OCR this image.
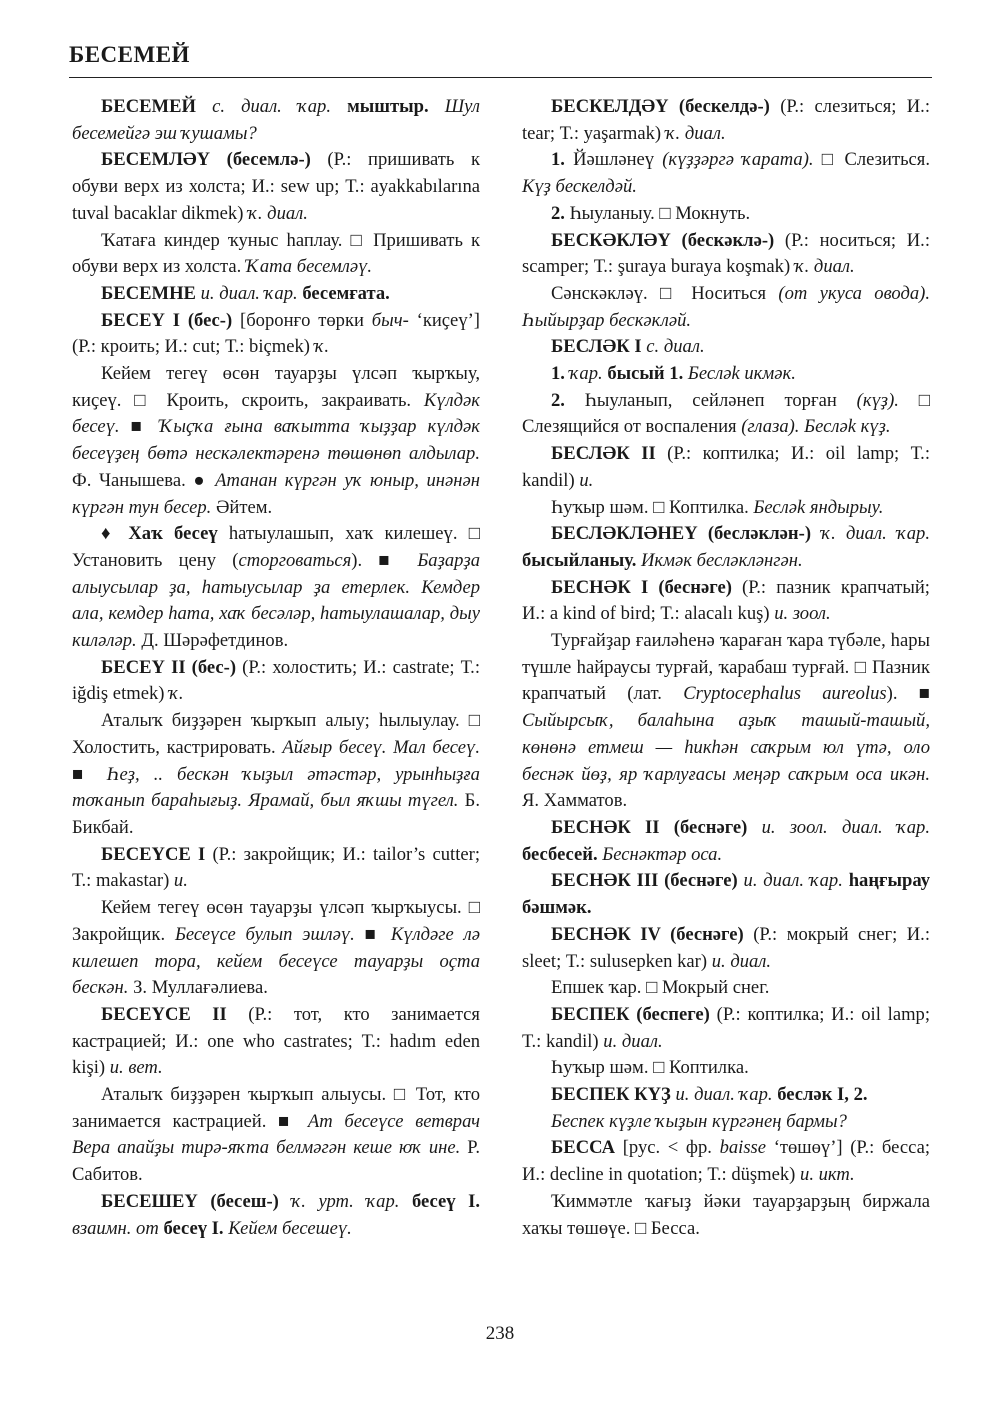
БЕСЕМЕЙ

БЕСЕМЕЙ с. диал. ҡар. мыштыр. Шул бесемейгә эш ҡушамы?

БЕСЕМЛӘҮ (бесемлә-) (Р.: пришивать к обуви верх из холста; И.: sew up; Т.: ayakkabılarına tuval bacaklar dikmek) ҡ. диал.

Ҡатаға киндер ҡуныс һаплау. □ Пришивать к обуви верх из холста. Ҡата бесемләү.

БЕСЕМНЕ и. диал. ҡар. бесемғата.

БЕСЕҮ I (бес-) [боронғо төрки быч- ‘киҫеү’] (Р.: кроить; И.: cut; Т.: biçmek) ҡ.

Кейем тегеү өсөн тауарҙы үлсәп ҡырҡыу, киҫеү. □ Кроить, скроить, закраивать. Күлдәк бесеү. ■ Ҡыҫҡа ғына ваҡытта ҡыҙҙар күлдәк бесеүҙең бөтә нескәлектәренә төшөнөп алдылар. Ф. Чанышева. ● Атанан күргән уҡ юныр, инәнән күргән тун бесер. Әйтем.

♦ Хаҡ бесеү һатыулашып, хаҡ килешеү. □ Установить цену (сторговаться). ■ Баҙарҙа алыусылар ҙа, һатыусылар ҙа етерлек. Кемдер ала, кемдер һата, хаҡ бесәләр, һатыулашалар, дыу киләләр. Д. Шәрәфетдинов.

БЕСЕҮ II (бес-) (Р.: холостить; И.: castrate; Т.: iğdiş etmek) ҡ.

Аталыҡ биҙҙәрен ҡырҡып алыу; һылыулау. □ Холостить, кастрировать. Айғыр бесеү. Мал бесеү. ■ Һеҙ, .. бескән ҡыҙыл әтәстәр, урынһыҙға тоҡанып бараһығыҙ. Ярамай, был яҡшы түгел. Б. Бикбай.

БЕСЕҮСЕ I (Р.: закройщик; И.: tailor’s cutter; Т.: makastar) и.

Кейем тегеү өсөн тауарҙы үлсәп ҡырҡыусы. □ Закройщик. Бесеүсе булып эшләү. ■ Күлдәге лә килешеп тора, кейем бесеүсе тауарҙы оҫта бескән. З. Муллағәлиева.

БЕСЕҮСЕ II (Р.: тот, кто занимается кастрацией; И.: one who castrates; Т.: hadım eden kişi) и. вет.

Аталыҡ биҙҙәрен ҡырҡып алыусы. □ Тот, кто занимается кастрацией. ■ Ат бесеүсе ветврач Вера апайҙы тирә-яҡта белмәгән кеше юҡ ине. Р. Сабитов.

БЕСЕШЕҮ (бесеш-) ҡ. урт. ҡар. бесеү I. взаимн. от бесеү I. Кейем бесешеү.

БЕСКЕЛДӘҮ (бескелдә-) (Р.: слезиться; И.: tear; Т.: yaşarmak) ҡ. диал.

1. Йәшләнеү (күҙҙәргә ҡарата). □ Слезиться. Күҙ бескелдәй.

2. Һыуланыу. □ Мокнуть.

БЕСКӘКЛӘҮ (бескәклә-) (Р.: носиться; И.: scamper; Т.: şuraya buraya koşmak) ҡ. диал.

Сәнскәкләү. □ Носиться (от укуса овода). Һыйырҙар бескәкләй.

БЕСЛӘК I с. диал.

1. ҡар. бысый 1. Беслək икмәк.

2. Һыуланып, сейләнеп торған (күҙ). □ Слезящийся от воспаления (глаза). Беслək күҙ.

БЕСЛӘК II (Р.: коптилка; И.: oil lamp; Т.: kandil) и.

Һуҡыр шәм. □ Коптилка. Беслək яндырыу.

БЕСЛӘКЛӘНЕҮ (бесләклән-) ҡ. диал. ҡар. бысыйланыу. Икмәк бесләкләнгән.

БЕСНӘК I (беснәге) (Р.: пазник крапчатый; И.: a kind of bird; Т.: alacalı kuş) и. зоол.

Турғайҙар ғаиләһенә ҡараған ҡара түбәле, һары түшле һайраусы турғай, ҡарабаш турғай. □ Пазник крапчатый (лат. Cryptocephalus aureolus). ■ Сыйырсыҡ, балаһына аҙыҡ ташый-ташый, көнөнә етмеш — һикһән саҡрым юл үтә, оло беснәк йөҙ, яр ҡарлуғасы меңәр саҡрым оса икән. Я. Хамматов.

БЕСНӘК II (беснәге) и. зоол. диал. ҡар. бесбесей. Беснәктәр оса.

БЕСНӘК III (беснәге) и. диал. ҡар. һаңғырау бәшмәк.

БЕСНӘК IV (беснәге) (Р.: мокрый снег; И.: sleet; Т.: sulusepken kar) и. диал.

Епшек ҡар. □ Мокрый снег.

БЕСПЕК (беспеге) (Р.: коптилка; И.: oil lamp; Т.: kandil) и. диал.

Һуҡыр шәм. □ Коптилка.

БЕСПЕК КҮҘ и. диал. ҡар. бесләк I, 2.

Беспек күҙле ҡыҙын күргәнең бармы?

БЕССА [рус. < фр. baisse ‘төшөү’] (Р.: бесса; И.: decline in quotation; Т.: düşmek) и. икт.

Ҡиммәтле ҡағыҙ йәки тауарҙарҙың биржала хаҡы төшөүе. □ Бесса.

238
